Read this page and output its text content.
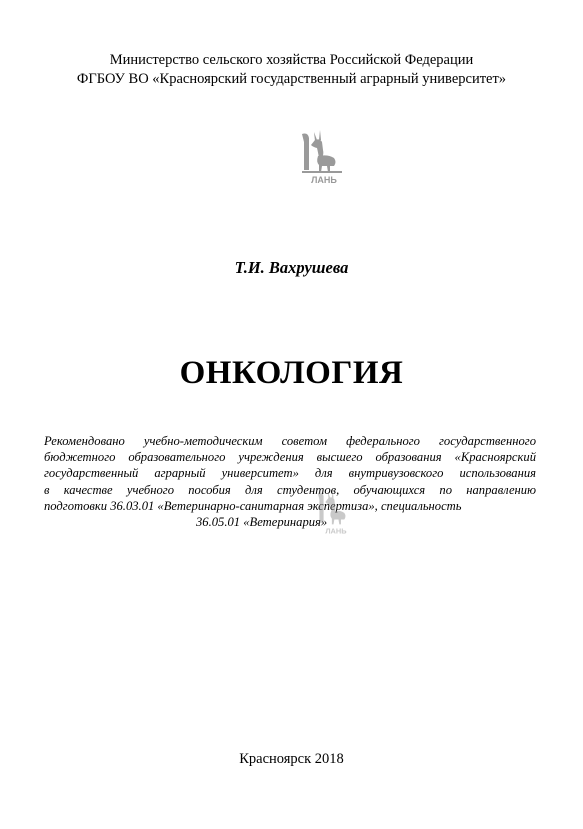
Министерство сельского хозяйства Российской Федерации
ФГБОУ ВО «Красноярский государственный аграрный университет»
ЛАНЬ
Т.И. Вахрушева
ОНКОЛОГИЯ
Рекомендовано учебно-методическим советом федерального государственного
бюджетного образовательного учреждения высшего образования «Красноярский
государственный аграрный университет» для внутривузовского использования
в качестве учебного пособия для студентов, обучающихся по направлению
подготовки 36.03.01 «Ветеринарно-санитарная экспертиза», специальность
36.05.01 «Ветеринария»
ЛАНЬ
Красноярск 2018
